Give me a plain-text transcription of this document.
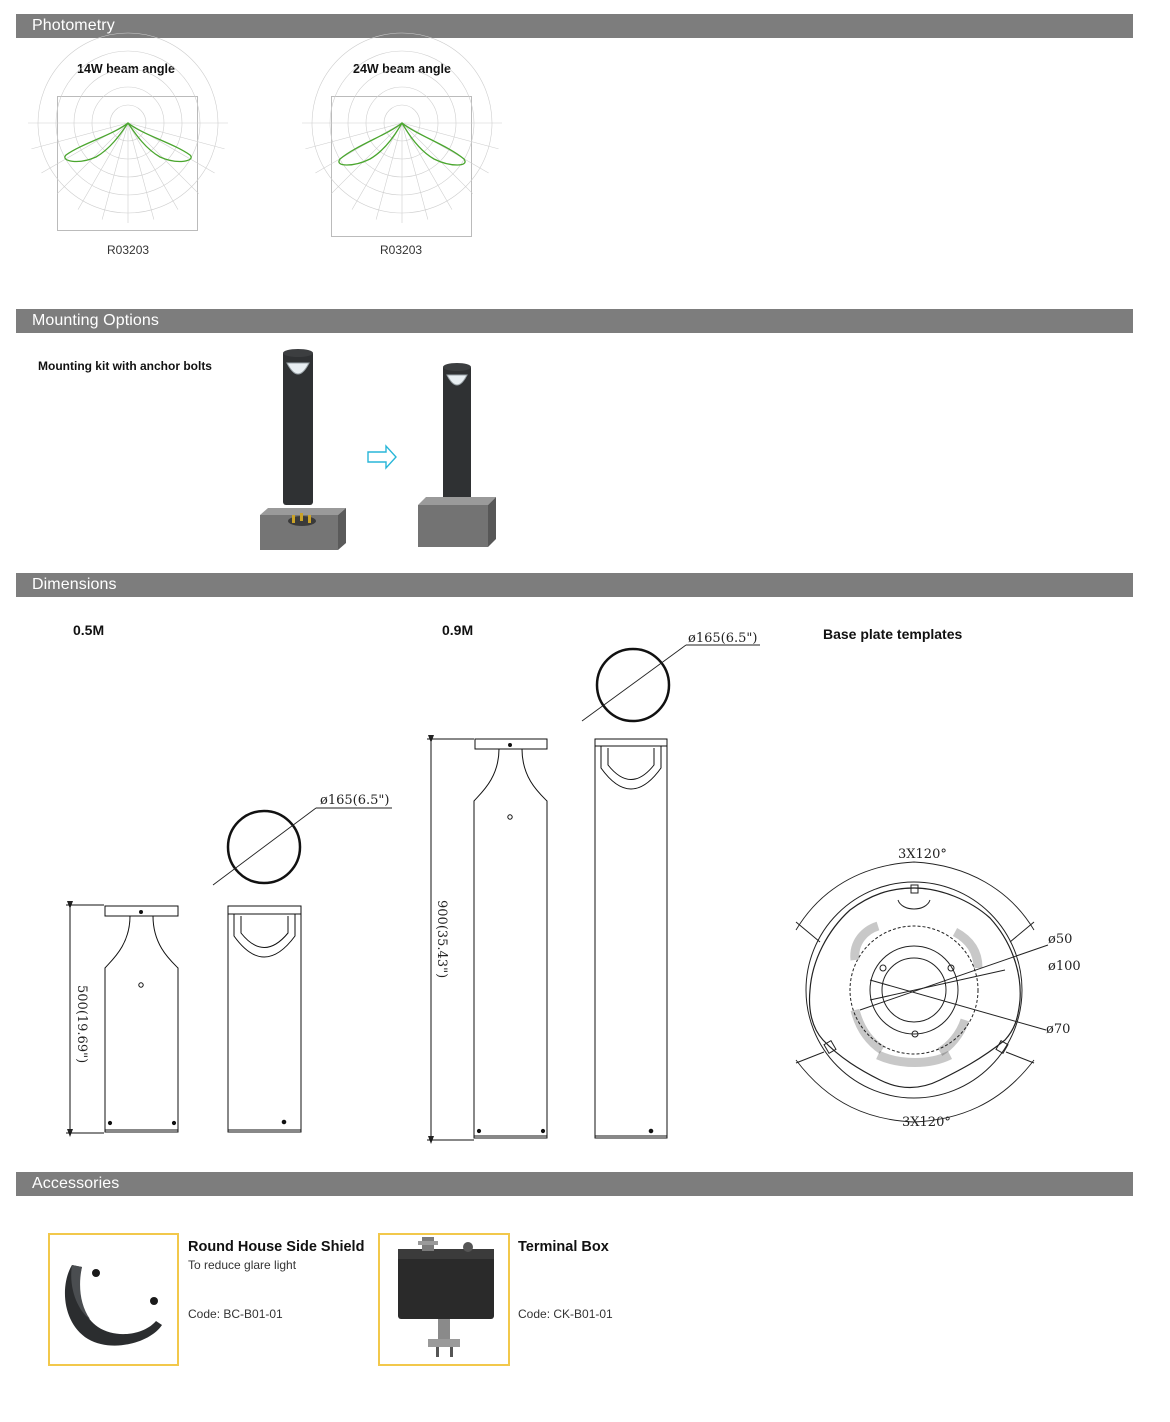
Photometry
14W beam angle	24W beam angle
R03203	R03203
Mounting Options
Mounting kit with anchor bolts
Dimensions
0.5M	0.9M	Base plate templates
ø165(6.5")
500(19.69")
ø165(6.5")
900(35.43")
3X120°
3X120°
ø50
ø100
ø70
Accessories
Round House Side Shield
To reduce glare light
Code: BC-B01-01
Terminal Box
Code: CK-B01-01
